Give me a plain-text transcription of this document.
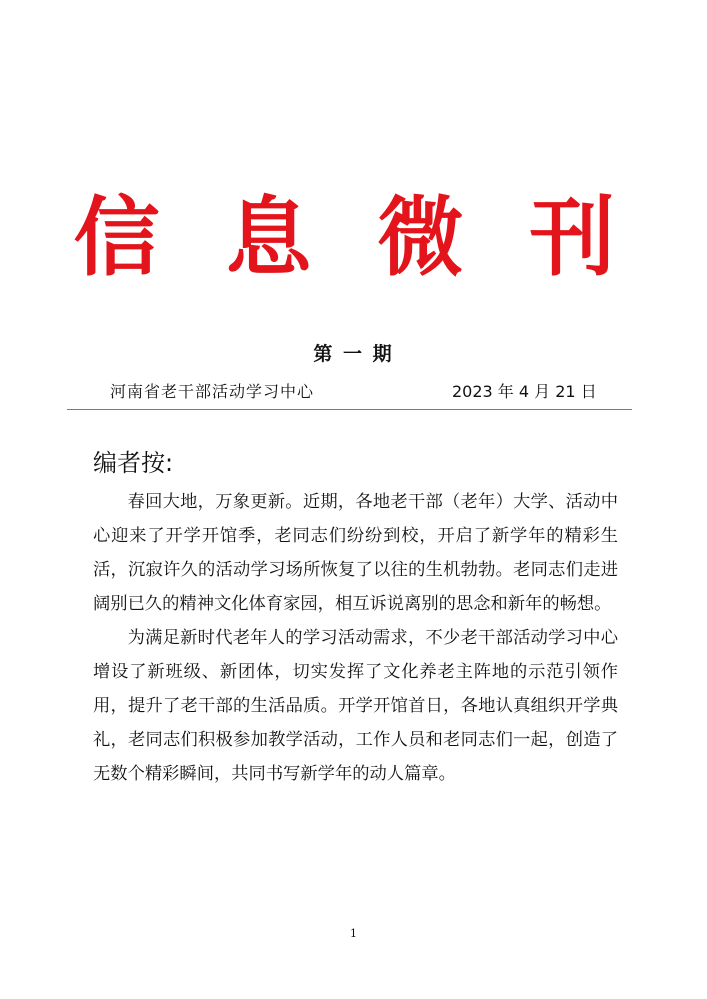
信 息 微 刊
第 一 期
河南省老干部活动学习中心	2023 年 4 月 21 日
编者按:

春回大地，万象更新。近期，各地老干部（老年）大学、活动中心迎来了开学开馆季，老同志们纷纷到校，开启了新学年的精彩生活，沉寂许久的活动学习场所恢复了以往的生机勃勃。老同志们走进阔别已久的精神文化体育家园，相互诉说离别的思念和新年的畅想。

为满足新时代老年人的学习活动需求，不少老干部活动学习中心增设了新班级、新团体，切实发挥了文化养老主阵地的示范引领作用，提升了老干部的生活品质。开学开馆首日，各地认真组织开学典礼，老同志们积极参加教学活动，工作人员和老同志们一起，创造了无数个精彩瞬间，共同书写新学年的动人篇章。

1
